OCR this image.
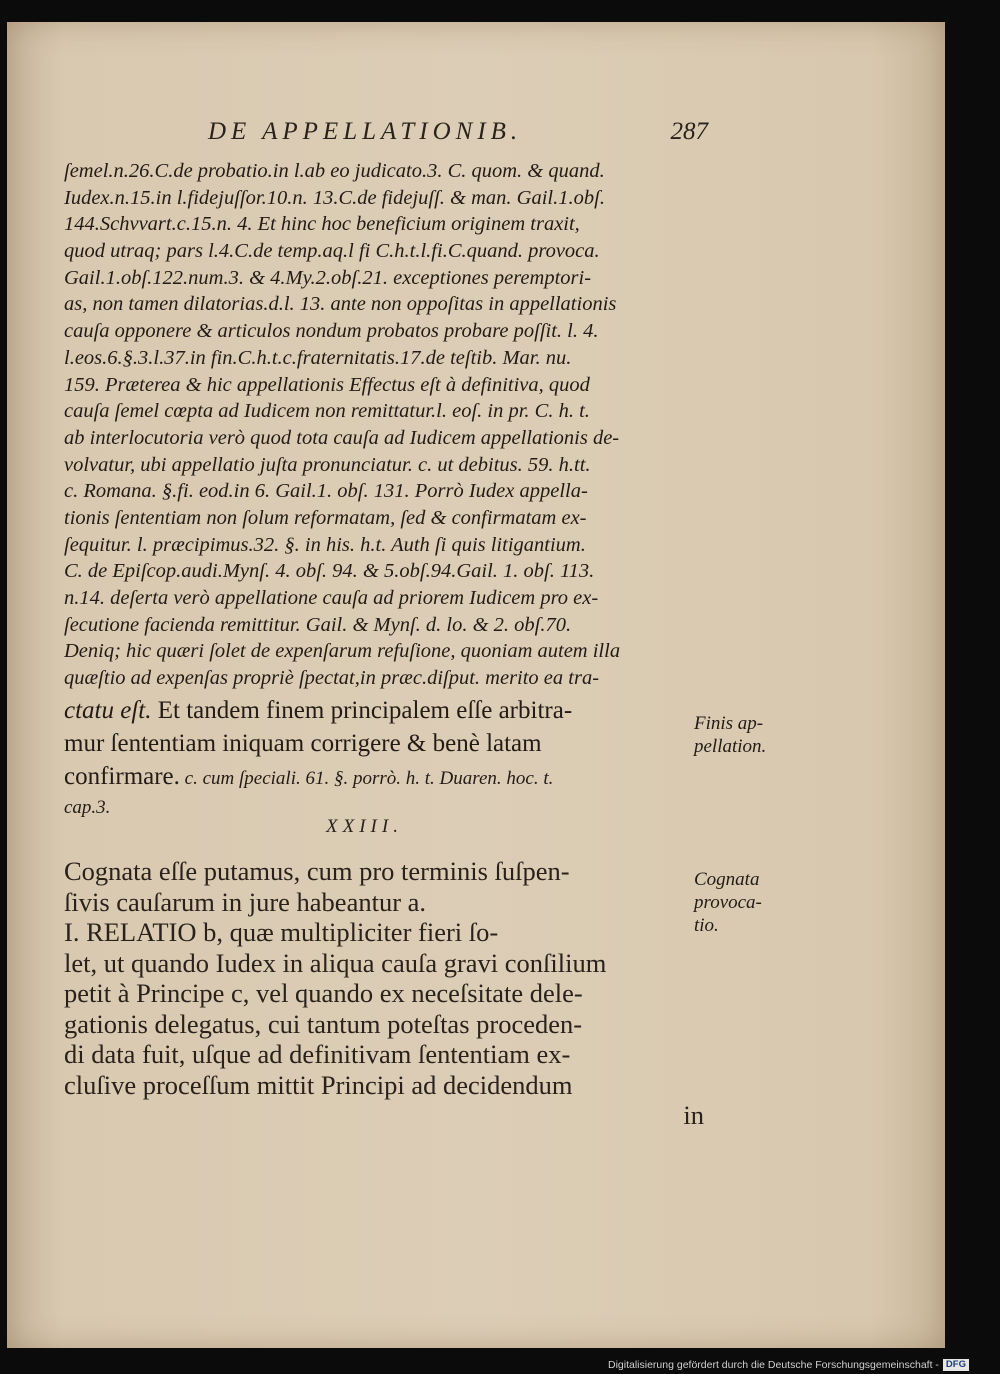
DE APPELLATIONIB.	287
ſemel.n.26.C.de probatio.in l.ab eo judicato.3. C. quom. & quand.
Iudex.n.15.in l.fidejuſſor.10.n. 13.C.de fidejuſſ. & man. Gail.1.obſ.
144.Schvvart.c.15.n. 4. Et hinc hoc beneficium originem traxit,
quod utraq; pars l.4.C.de temp.aq.l fi C.h.t.l.fi.C.quand. provoca.
Gail.1.obſ.122.num.3. & 4.My.2.obſ.21. exceptiones peremptori-
as, non tamen dilatorias.d.l. 13. ante non oppoſitas in appellationis
cauſa opponere & articulos nondum probatos probare poſſit. l. 4.
l.eos.6.§.3.l.37.in fin.C.h.t.c.fraternitatis.17.de teſtib. Mar. nu.
159. Præterea & hic appellationis Effectus eſt à definitiva, quod
cauſa ſemel cœpta ad Iudicem non remittatur.l. eoſ. in pr. C. h. t.
ab interlocutoria verò quod tota cauſa ad Iudicem appellationis de-
volvatur, ubi appellatio juſta pronunciatur. c. ut debitus. 59. h.tt.
c. Romana. §.fi. eod.in 6. Gail.1. obſ. 131. Porrò Iudex appella-
tionis ſententiam non ſolum reformatam, ſed & confirmatam ex-
ſequitur. l. præcipimus.32. §. in his. h.t. Auth ſi quis litigantium.
C. de Epiſcop.audi.Mynſ. 4. obſ. 94. & 5.obſ.94.Gail. 1. obſ. 113.
n.14. deſerta verò appellatione cauſa ad priorem Iudicem pro ex-
ſecutione facienda remittitur. Gail. & Mynſ. d. lo. & 2. obſ.70.
Deniq; hic quæri ſolet de expenſarum refuſione, quoniam autem illa
quæſtio ad expenſas propriè ſpectat,in præc.diſput. merito ea tra-
ctatu eſt. Et tandem finem principalem eſſe arbitra-
mur ſententiam iniquam corrigere & benè latam
confirmare. c. cum ſpeciali. 61. §. porrò. h. t. Duaren. hoc. t.
cap.3.
XXIII.
Cognata eſſe putamus, cum pro terminis ſuſpen-
ſivis cauſarum in jure habeantur a.
I. RELATIO b, quæ multipliciter fieri ſo-
let, ut quando Iudex in aliqua cauſa gravi conſilium
petit à Principe c, vel quando ex neceſsitate dele-
gationis delegatus, cui tantum poteſtas proceden-
di data fuit, uſque ad definitivam ſententiam ex-
cluſive proceſſum mittit Principi ad decidendum
in
Finis ap-
pellation.
Cognata
provoca-
tio.
Digitalisierung gefördert durch die Deutsche Forschungsgemeinschaft - DFG
